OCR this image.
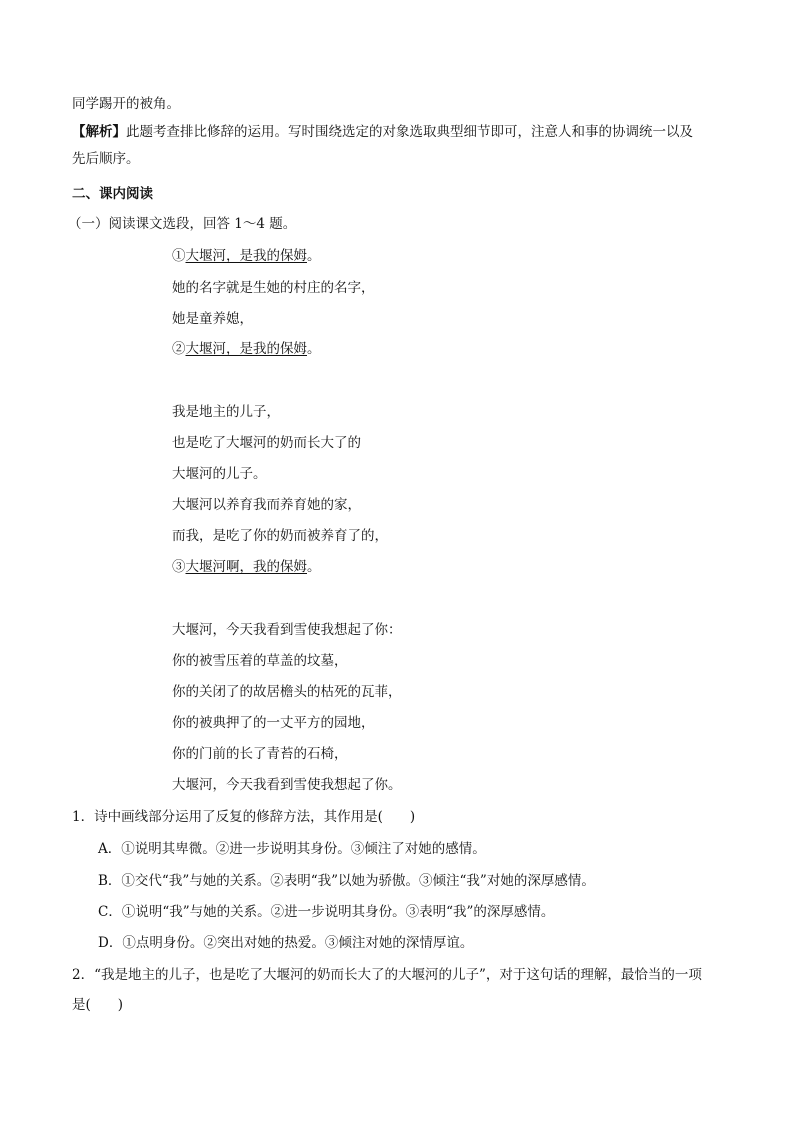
同学踢开的被角。
【解析】此题考查排比修辞的运用。写时围绕选定的对象选取典型细节即可，注意人和事的协调统一以及
先后顺序。
二、课内阅读
（一）阅读课文选段，回答 1～4 题。
①大堰河，是我的保姆。
她的名字就是生她的村庄的名字，
她是童养媳，
②大堰河，是我的保姆。
我是地主的儿子，
也是吃了大堰河的奶而长大了的
大堰河的儿子。
大堰河以养育我而养育她的家，
而我，是吃了你的奶而被养育了的，
③大堰河啊，我的保姆。
大堰河，今天我看到雪使我想起了你：
你的被雪压着的草盖的坟墓，
你的关闭了的故居檐头的枯死的瓦菲，
你的被典押了的一丈平方的园地，
你的门前的长了青苔的石椅，
大堰河，今天我看到雪使我想起了你。
1．诗中画线部分运用了反复的修辞方法，其作用是(　　)
A．①说明其卑微。②进一步说明其身份。③倾注了对她的感情。
B．①交代“我”与她的关系。②表明“我”以她为骄傲。③倾注“我”对她的深厚感情。
C．①说明“我”与她的关系。②进一步说明其身份。③表明“我”的深厚感情。
D．①点明身份。②突出对她的热爱。③倾注对她的深情厚谊。
2．“我是地主的儿子，也是吃了大堰河的奶而长大了的大堰河的儿子”，对于这句话的理解，最恰当的一项
是(　　)
